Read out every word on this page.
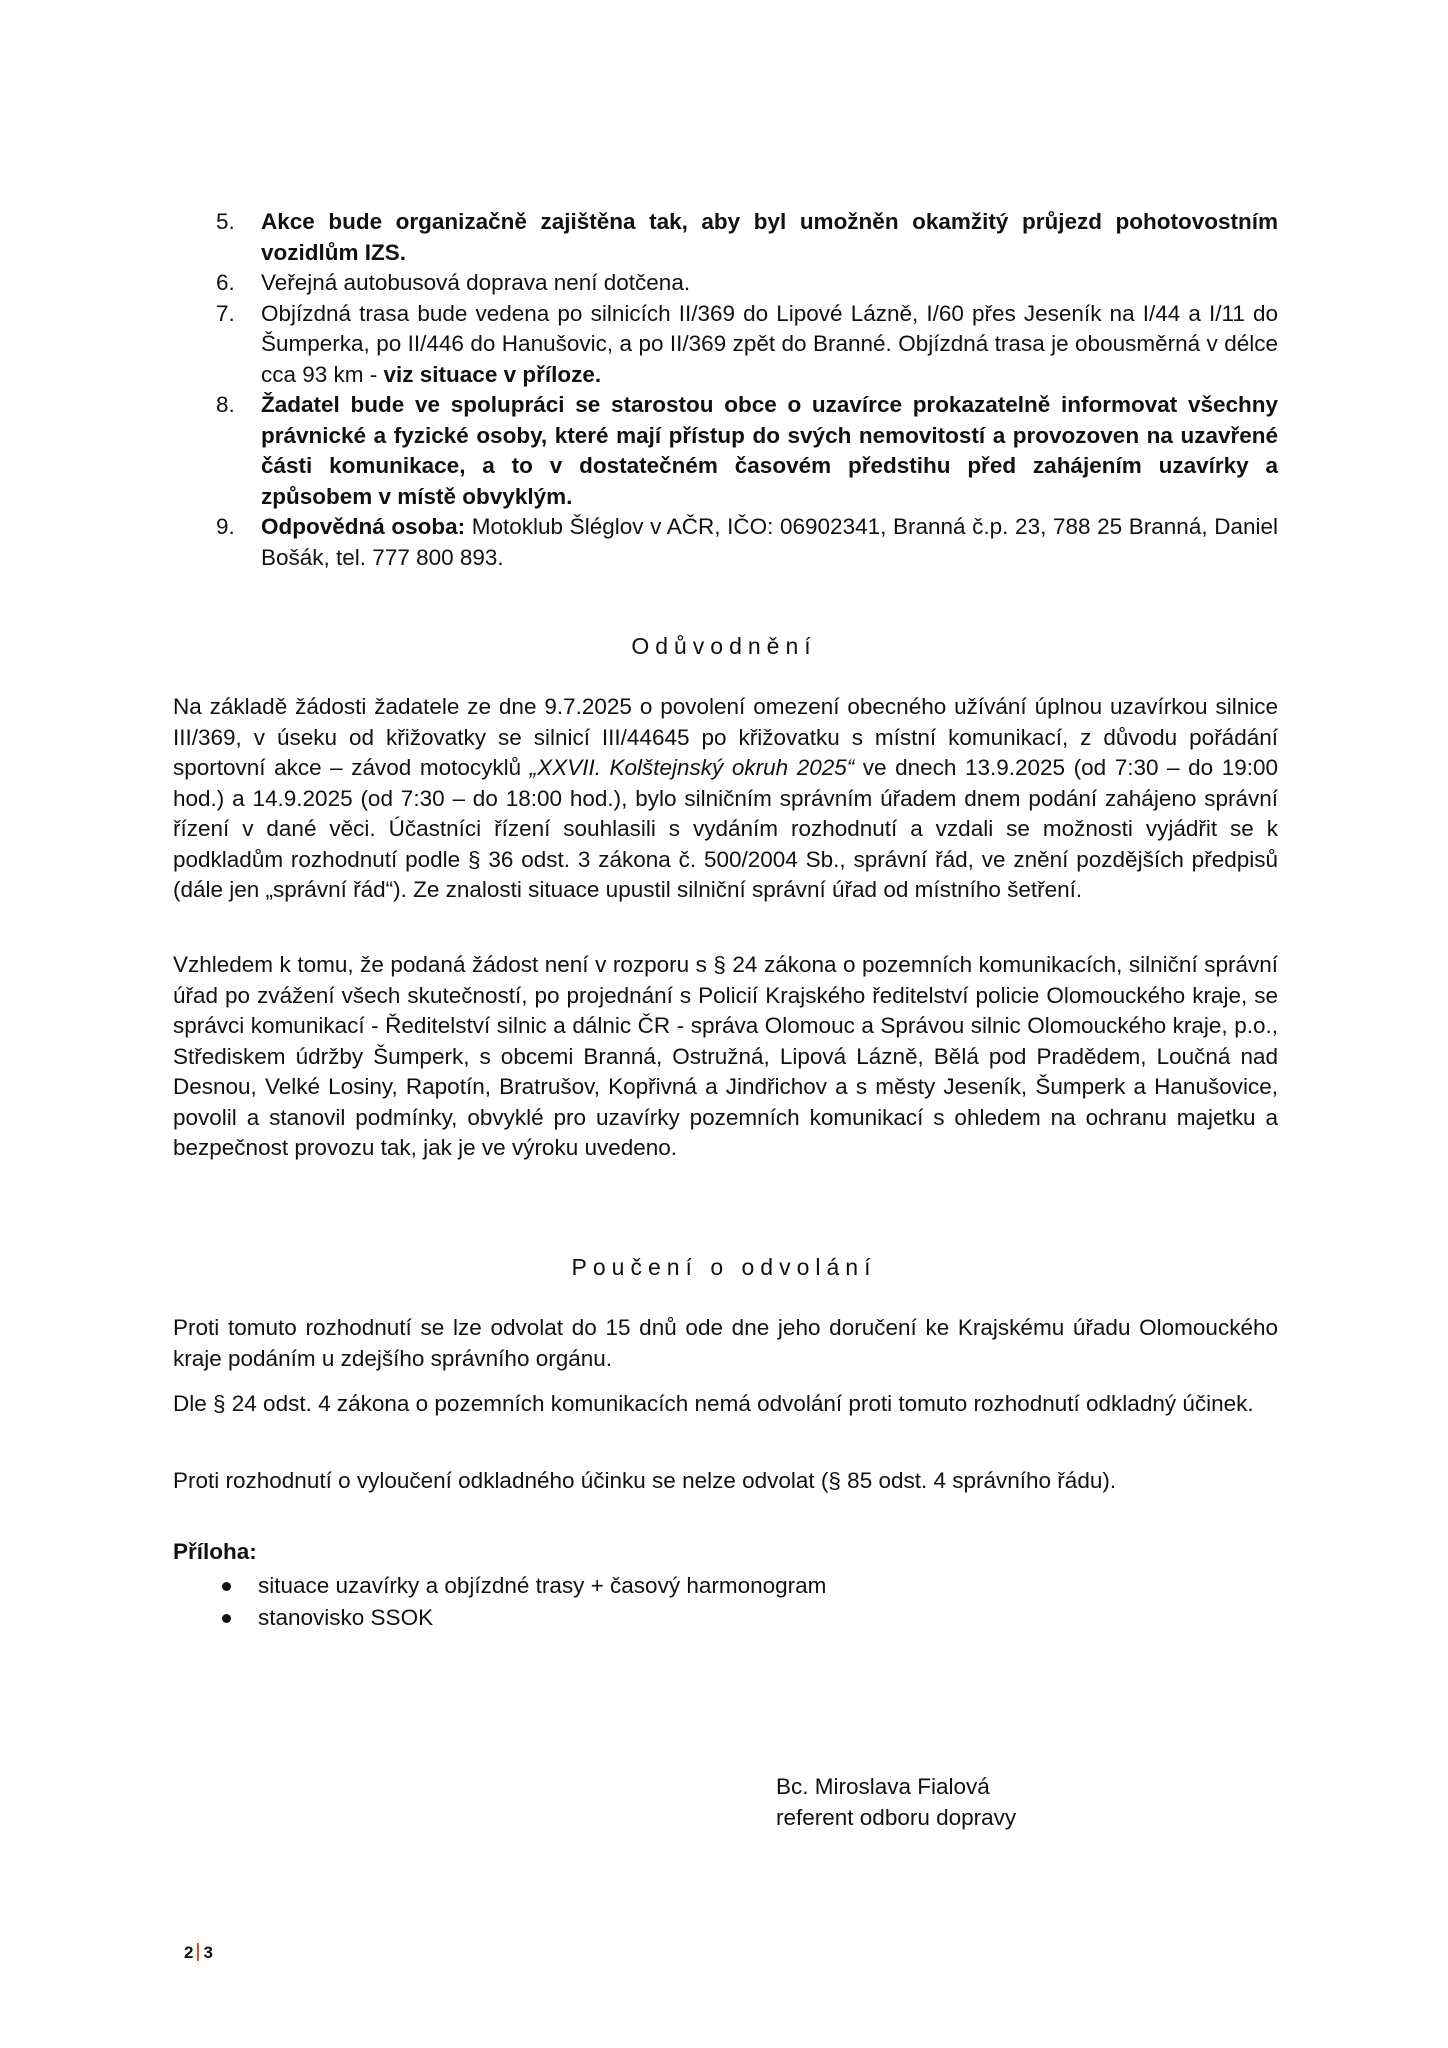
5. Akce bude organizačně zajištěna tak, aby byl umožněn okamžitý průjezd pohotovostním vozidlům IZS.
6. Veřejná autobusová doprava není dotčena.
7. Objízdná trasa bude vedena po silnicích II/369 do Lipové Lázně, I/60 přes Jeseník na I/44 a I/11 do Šumperka, po II/446 do Hanušovic, a po II/369 zpět do Branné. Objízdná trasa je obousměrná v délce cca 93 km - viz situace v příloze.
8. Žadatel bude ve spolupráci se starostou obce o uzavírce prokazatelně informovat všechny právnické a fyzické osoby, které mají přístup do svých nemovitostí a provozoven na uzavřené části komunikace, a to v dostatečném časovém předstihu před zahájením uzavírky a způsobem v místě obvyklým.
9. Odpovědná osoba: Motoklub Šléglov v AČR, IČO: 06902341, Branná č.p. 23, 788 25 Branná, Daniel Bošák, tel. 777 800 893.
Odůvodnění

Na základě žádosti žadatele ze dne 9.7.2025 o povolení omezení obecného užívání úplnou uzavírkou silnice III/369, v úseku od křižovatky se silnicí III/44645 po křižovatku s místní komunikací, z důvodu pořádání sportovní akce – závod motocyklů „XXVII. Kolštejnský okruh 2025“ ve dnech 13.9.2025 (od 7:30 – do 19:00 hod.) a 14.9.2025 (od 7:30 – do 18:00 hod.), bylo silničním správním úřadem dnem podání zahájeno správní řízení v dané věci. Účastníci řízení souhlasili s vydáním rozhodnutí a vzdali se možnosti vyjádřit se k podkladům rozhodnutí podle § 36 odst. 3 zákona č. 500/2004 Sb., správní řád, ve znění pozdějších předpisů (dále jen „správní řád“). Ze znalosti situace upustil silniční správní úřad od místního šetření.

Vzhledem k tomu, že podaná žádost není v rozporu s § 24 zákona o pozemních komunikacích, silniční správní úřad po zvážení všech skutečností, po projednání s Policií Krajského ředitelství policie Olomouckého kraje, se správci komunikací - Ředitelství silnic a dálnic ČR - správa Olomouc a Správou silnic Olomouckého kraje, p.o., Střediskem údržby Šumperk, s obcemi Branná, Ostružná, Lipová Lázně, Bělá pod Pradědem, Loučná nad Desnou, Velké Losiny, Rapotín, Bratrušov, Kopřivná a Jindřichov a s městy Jeseník, Šumperk a Hanušovice, povolil a stanovil podmínky, obvyklé pro uzavírky pozemních komunikací s ohledem na ochranu majetku a bezpečnost provozu tak, jak je ve výroku uvedeno.

Poučení o odvolání

Proti tomuto rozhodnutí se lze odvolat do 15 dnů ode dne jeho doručení ke Krajskému úřadu Olomouckého kraje podáním u zdejšího správního orgánu.

Dle § 24 odst. 4 zákona o pozemních komunikacích nemá odvolání proti tomuto rozhodnutí odkladný účinek.

Proti rozhodnutí o vyloučení odkladného účinku se nelze odvolat (§ 85 odst. 4 správního řádu).

Příloha:
situace uzavírky a objízdné trasy + časový harmonogram
stanovisko SSOK
Bc. Miroslava Fialová
referent odboru dopravy
2 3
